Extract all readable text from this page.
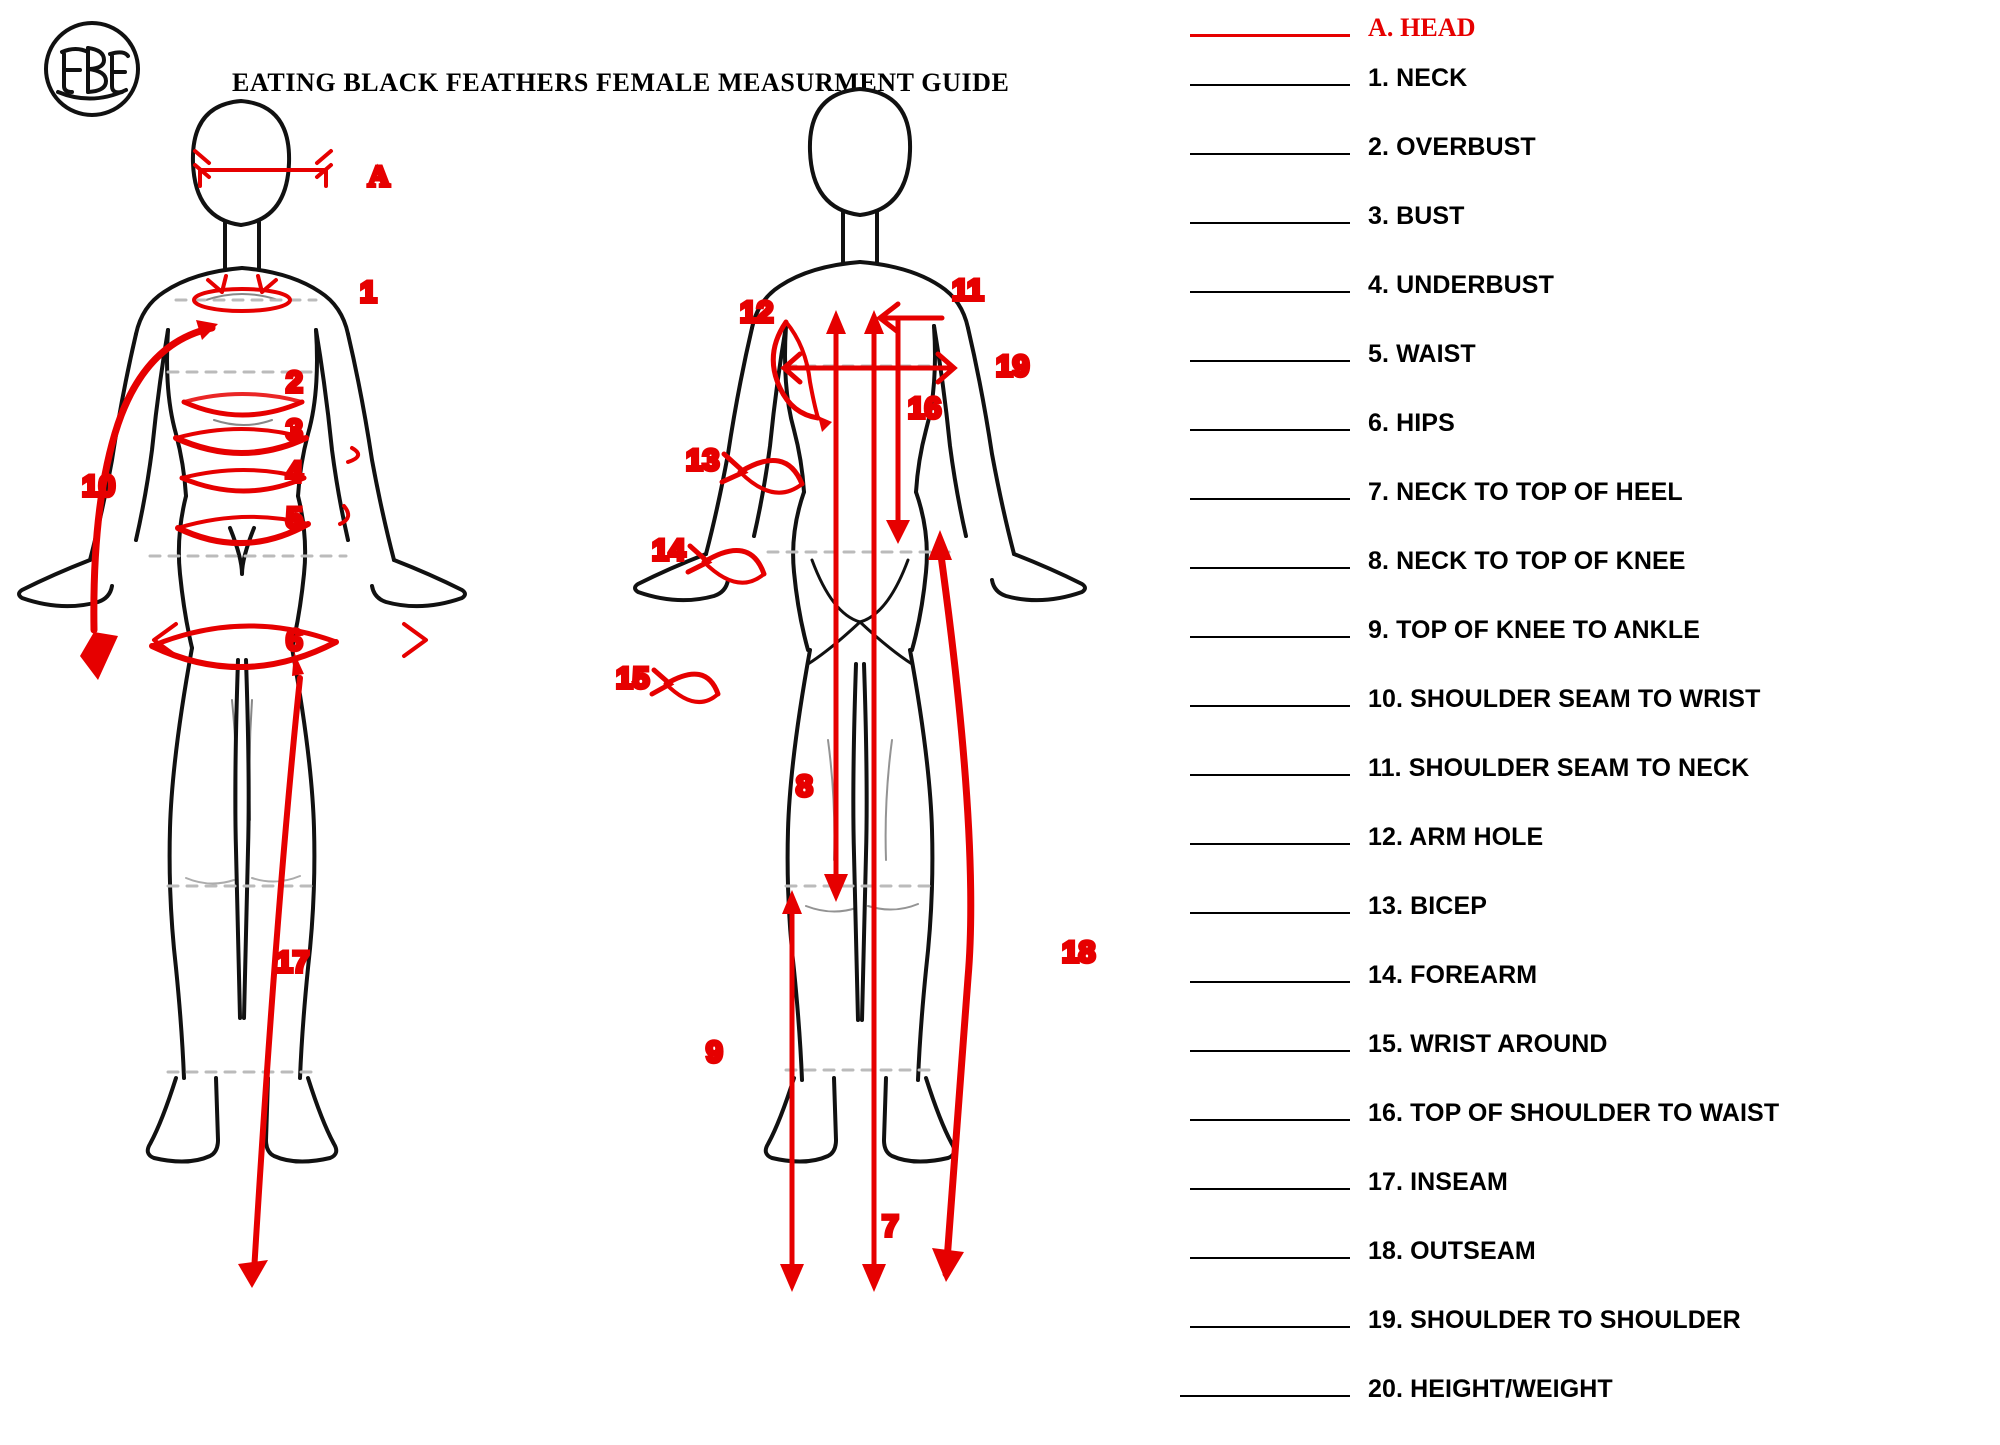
EATING BLACK FEATHERS FEMALE MEASURMENT GUIDE
A
1
2
3
4
5
6
10
17
12
11
19
16
13
14
15
8
7
9
18
A. HEAD
1. NECK
2. OVERBUST
3. BUST
4. UNDERBUST
5. WAIST
6. HIPS
7. NECK TO TOP OF HEEL
8. NECK TO TOP OF KNEE
9. TOP OF KNEE TO ANKLE
10. SHOULDER SEAM TO WRIST
11. SHOULDER SEAM TO NECK
12. ARM HOLE
13. BICEP
14. FOREARM
15. WRIST AROUND
16. TOP OF SHOULDER TO WAIST
17. INSEAM
18. OUTSEAM
19. SHOULDER TO SHOULDER
20. HEIGHT/WEIGHT
